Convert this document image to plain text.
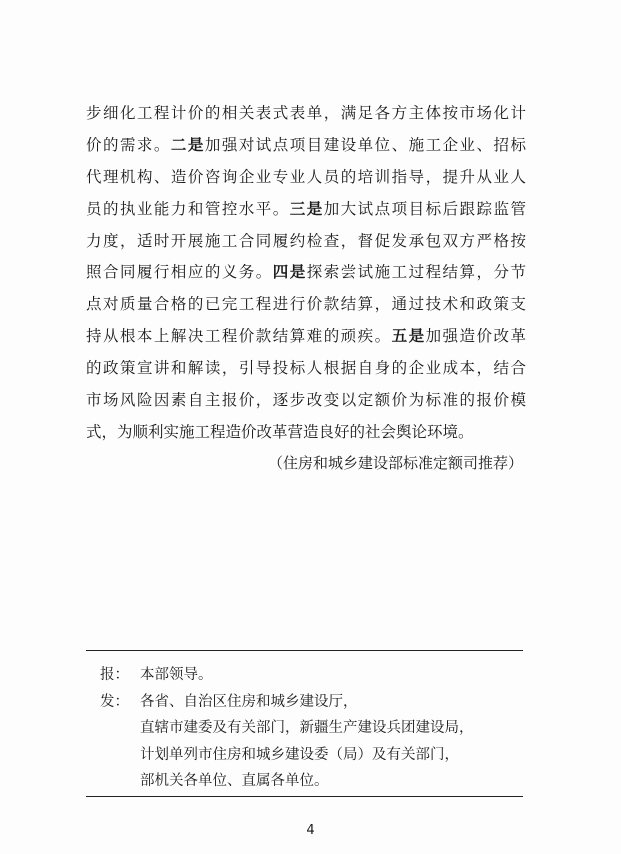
步细化工程计价的相关表式表单，满足各方主体按市场化计
价的需求。二是加强对试点项目建设单位、施工企业、招标
代理机构、造价咨询企业专业人员的培训指导，提升从业人
员的执业能力和管控水平。三是加大试点项目标后跟踪监管
力度，适时开展施工合同履约检查，督促发承包双方严格按
照合同履行相应的义务。四是探索尝试施工过程结算，分节
点对质量合格的已完工程进行价款结算，通过技术和政策支
持从根本上解决工程价款结算难的顽疾。五是加强造价改革
的政策宣讲和解读，引导投标人根据自身的企业成本，结合
市场风险因素自主报价，逐步改变以定额价为标准的报价模
式，为顺利实施工程造价改革营造良好的社会舆论环境。
（住房和城乡建设部标准定额司推荐）
报： 本部领导。
发： 各省、自治区住房和城乡建设厅，
直辖市建委及有关部门，新疆生产建设兵团建设局，
计划单列市住房和城乡建设委（局）及有关部门，
部机关各单位、直属各单位。
4
